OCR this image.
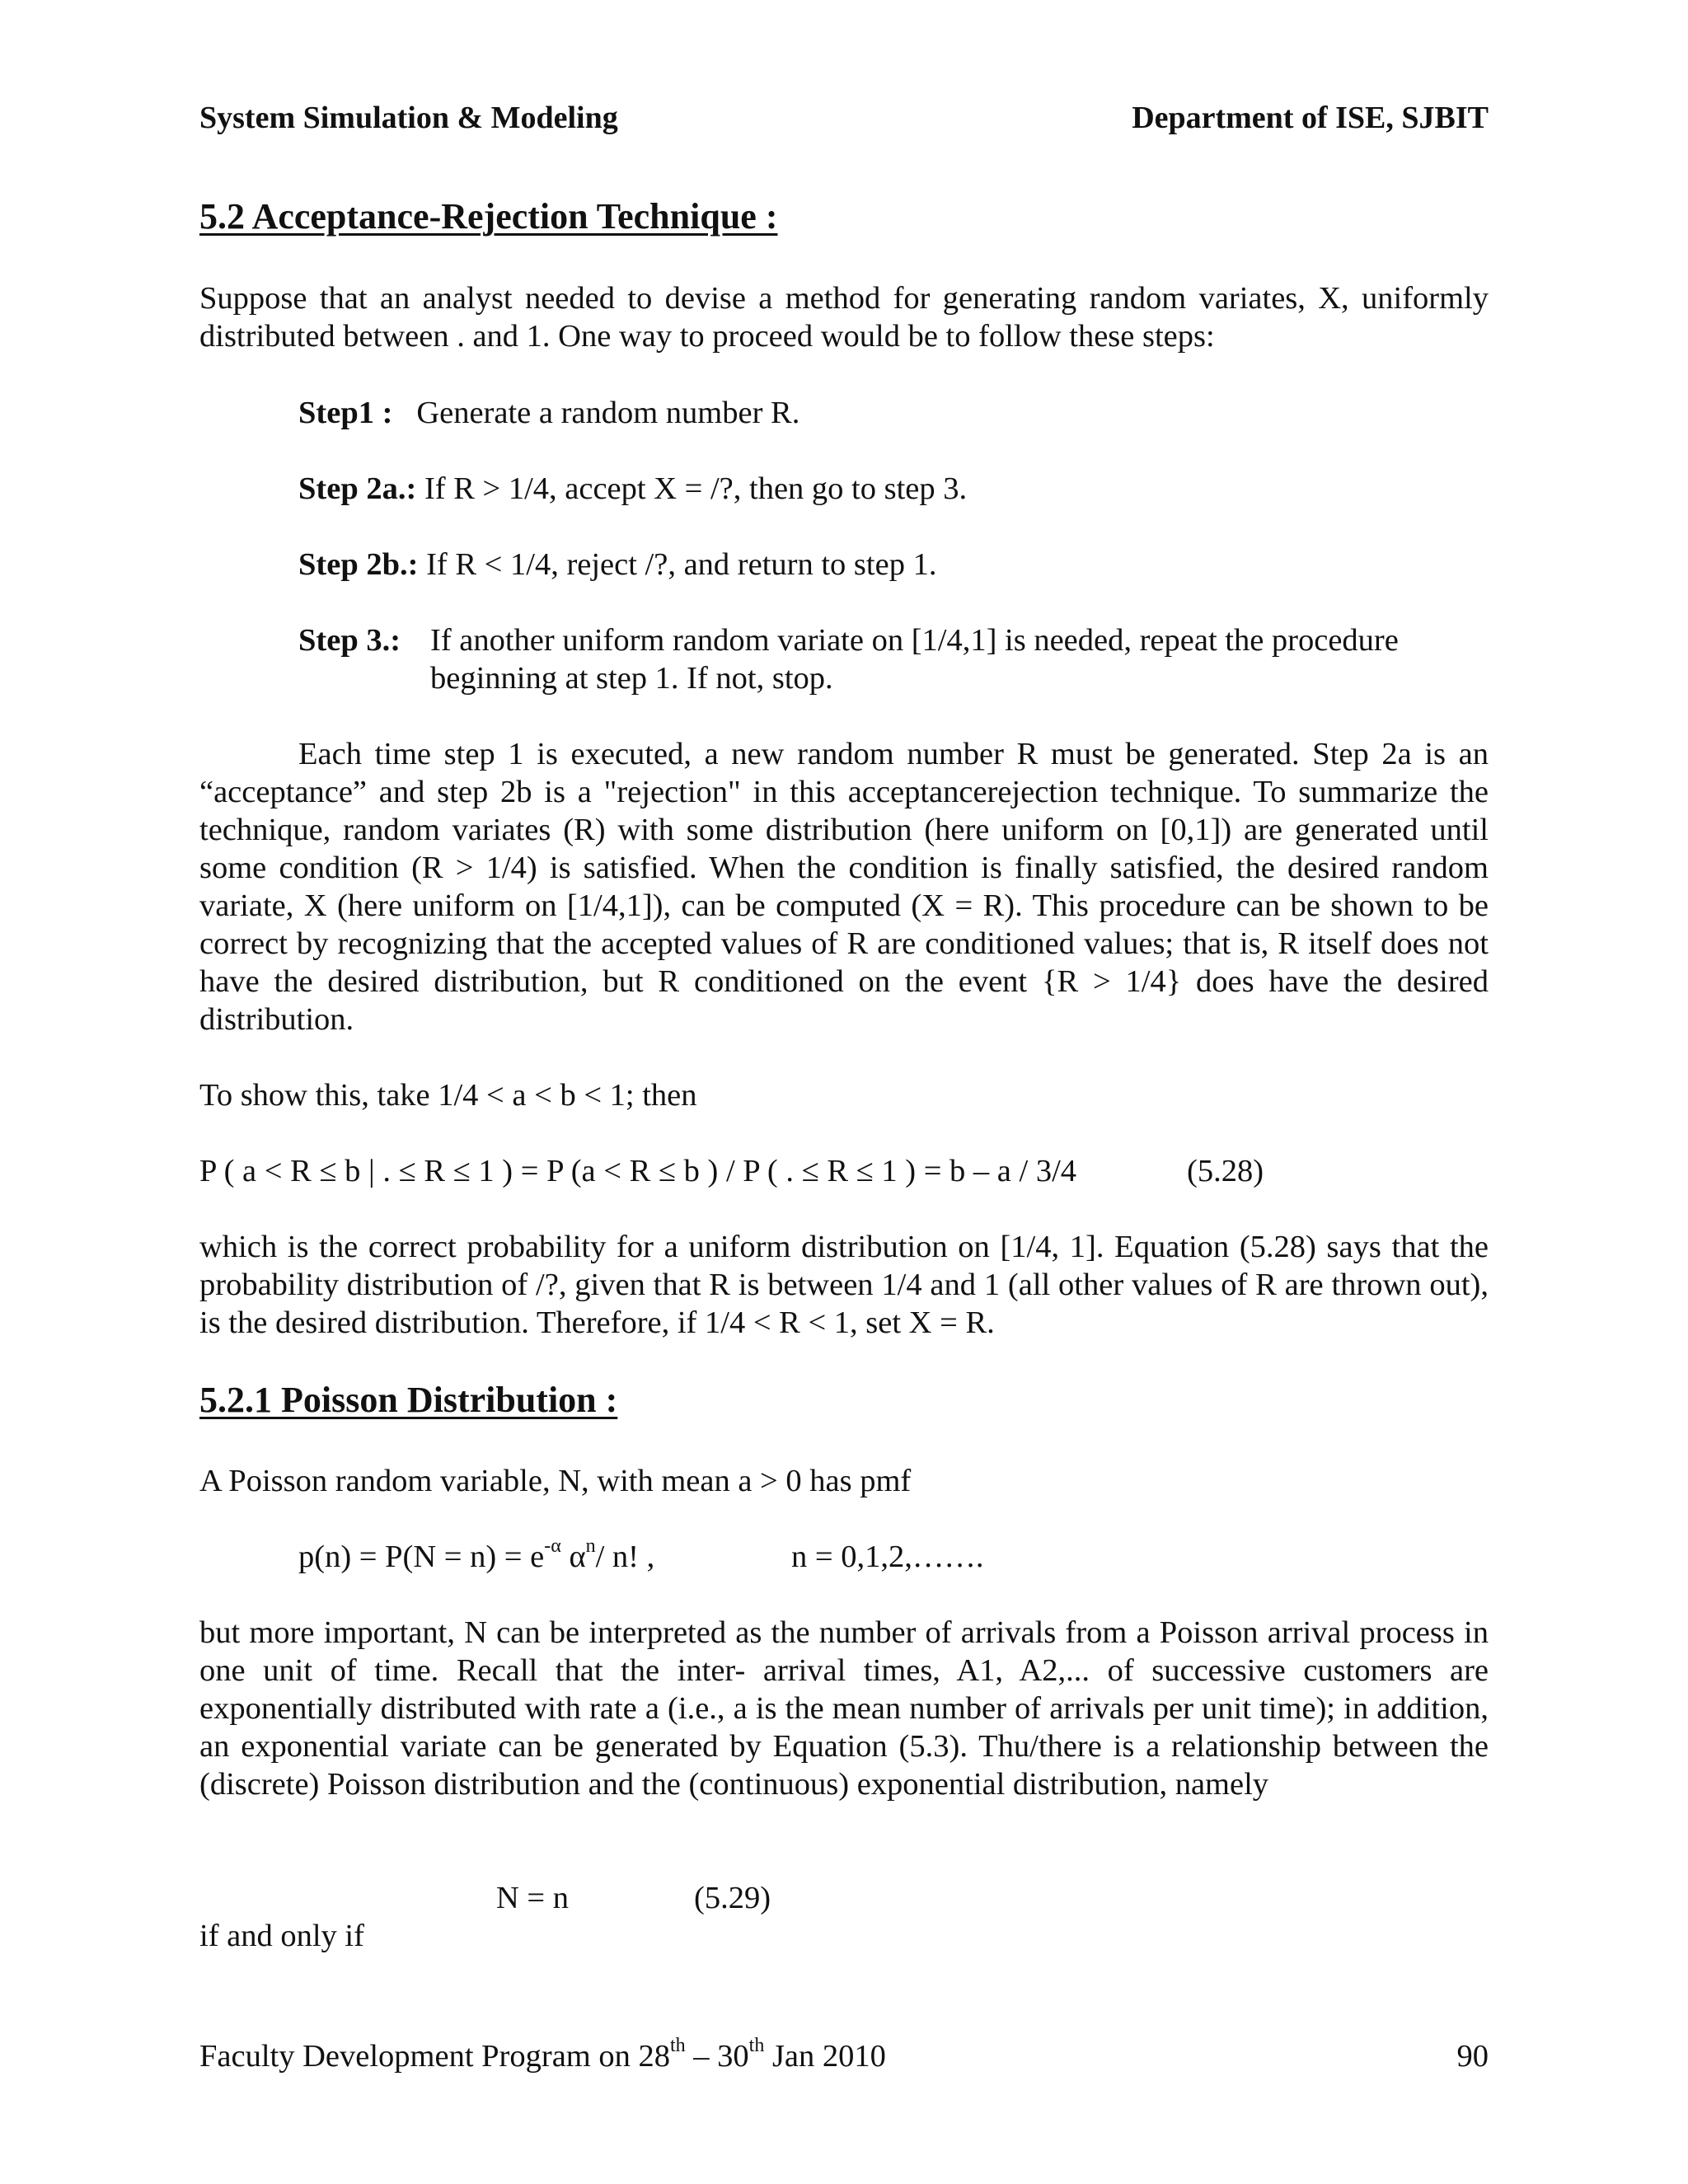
System Simulation & Modeling	Department of ISE, SJBIT
5.2 Acceptance-Rejection Technique :
Suppose that an analyst needed to devise a method for generating random variates, X, uniformly distributed between . and 1. One way to proceed would be to follow these steps:
Step1 : Generate a random number R.
Step 2a.: If R > 1/4, accept X = /?, then go to step 3.
Step 2b.: If R < 1/4, reject /?, and return to step 1.
Step 3.: If another uniform random variate on [1/4,1] is needed, repeat the procedure
beginning at step 1. If not, stop.
Each time step 1 is executed, a new random number R must be generated. Step 2a is an “acceptance” and step 2b is a "rejection" in this acceptancerejection technique. To summarize the technique, random variates (R) with some distribution (here uniform on [0,1]) are generated until some condition (R > 1/4) is satisfied. When the condition is finally satisfied, the desired random variate, X (here uniform on [1/4,1]), can be computed (X = R). This procedure can be shown to be correct by recognizing that the accepted values of R are conditioned values; that is, R itself does not have the desired distribution, but R conditioned on the event {R > 1/4} does have the desired distribution.
To show this, take 1/4 < a < b < 1; then
P ( a < R ≤ b | . ≤ R ≤ 1 ) = P (a < R ≤ b ) / P ( . ≤ R ≤ 1 ) = b – a / 3/4	(5.28)
which is the correct probability for a uniform distribution on [1/4, 1]. Equation (5.28) says that the probability distribution of /?, given that R is between 1/4 and 1 (all other values of R are thrown out), is the desired distribution. Therefore, if 1/4 < R < 1, set X = R.
5.2.1 Poisson Distribution :
A Poisson random variable, N, with mean a > 0 has pmf
$p(n) = P(N = n) = e^{-\alpha}$ $\alpha^n/$ n! ,	n = 0,1,2,…….
but more important, N can be interpreted as the number of arrivals from a Poisson arrival process in one unit of time. Recall that the inter- arrival times, A1, A2,... of successive customers are exponentially distributed with rate a (i.e., a is the mean number of arrivals per unit time); in addition, an exponential variate can be generated by Equation (5.3). Thu/there is a relationship between the (discrete) Poisson distribution and the (continuous) exponential distribution, namely
N = n	(5.29)
if and only if
Faculty Development Program on 28th – 30th Jan 2010	90
